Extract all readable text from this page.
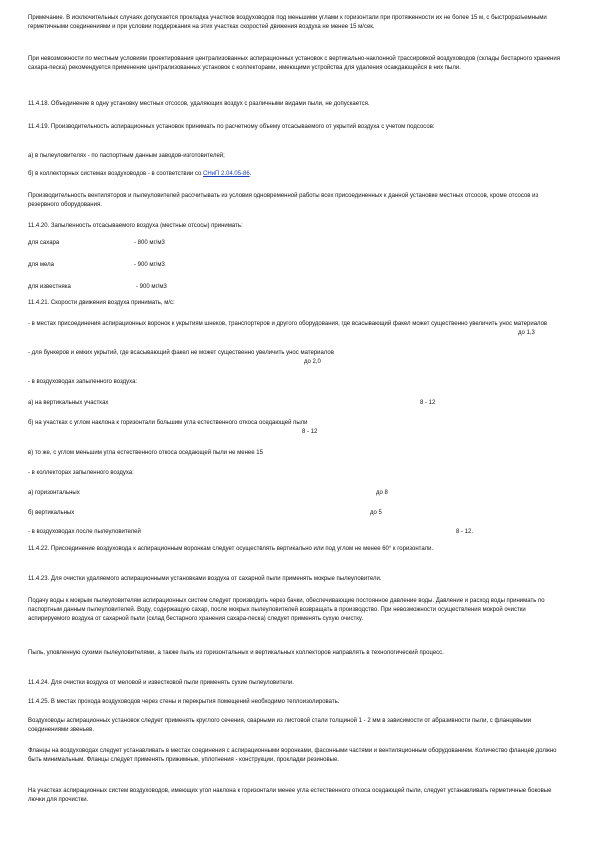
Примечание. В исключительных случаях допускается прокладка участков воздуховодов под меньшими углами к горизонтали при протяженности их не более 15 м, с быстроразъемными герметичными соединениями и при условии поддержания на этих участках скоростей движения воздуха не менее 15 м/сек.

При невозможности по местным условиям проектирования централизованных аспирационных установок с вертикально-наклонной трассировкой воздуховодов (склады бестарного хранения сахара-песка) рекомендуется применение централизованных установок с коллекторами, имеющими устройства для удаления осаждающейся в них пыли.

11.4.18. Объединение в одну установку местных отсосов, удаляющих воздух с различными видами пыли, не допускается.

11.4.19. Производительность аспирационных установок принимать по расчетному объему отсасываемого от укрытий воздуха с учетом подсосов:

а) в пылеуловителях - по паспортным данным заводов-изготовителей;

б) в коллекторных системах воздуховодов - в соответствии со СНиП 2.04.05-86.

Производительность вентиляторов и пылеуловителей рассчитывать из условия одновременной работы всех присоединенных к данной установке местных отсосов, кроме отсосов из резервного оборудования.

11.4.20. Запыленность отсасываемого воздуха (местные отсосы) принимать:

для сахара	- 800 мг/м3
для мела	- 900 мг/м3
для известняка	- 900 мг/м3

11.4.21. Скорости движения воздуха принимать, м/с:

- в местах присоединения аспирационных воронок к укрытиям шнеков, транспортеров и другого оборудования, где всасывающий факел может существенно увеличить унос материалов

до 1,3

- для бункеров и емких укрытий, где всасывающий факел не может существенно увеличить унос материалов

до 2,0

- в воздуховодах запыленного воздуха:

а) на вертикальных участках	8 - 12

б) на участках с углом наклона к горизонтали большим угла естественного откоса оседающей пыли

8 - 12

в) то же, с углом меньшим угла естественного откоса оседающей пыли не менее 15

- в коллекторах запыленного воздуха:

а) горизонтальных	до 8
б) вертикальных	до 5
- в воздуховодах после пылеуловителей	8 - 12.

11.4.22. Присоединение воздуховода к аспирационным воронкам следует осуществлять вертикально или под углом не менее 60° к горизонтали.

11.4.23. Для очистки удаляемого аспирационными установками воздуха от сахарной пыли применять мокрые пылеуловители.

Подачу воды к мокрым пылеуловителям аспирационных систем следует производить через бачки, обеспечивающие постоянное давление воды. Давление и расход воды принимать по паспортным данным пылеуловителей. Воду, содержащую сахар, после мокрых пылеуловителей возвращать в производство. При невозможности осуществления мокрой очистки аспирируемого воздуха от сахарной пыли (склад бестарного хранения сахара-песка) следует применять сухую очистку.

Пыль, уловленную сухими пылеуловителями, а также пыль из горизонтальных и вертикальных коллекторов направлять в технологический процесс.

11.4.24. Для очистки воздуха от меловой и известковой пыли применять сухие пылеуловители.

11.4.25. В местах прохода воздуховодов через стены и перекрытия помещений необходимо теплоизолировать.

Воздуховоды аспирационных установок следует применять круглого сечения, сварными из листовой стали толщиной 1 - 2 мм в зависимости от абразивности пыли, с фланцевыми соединениями звеньев.

Фланцы на воздуховодах следует устанавливать в местах соединения с аспирационными воронками, фасонными частями и вентиляционным оборудованием. Количество фланцев должно быть минимальным. Фланцы следует применять прижимные, уплотнения - конструкции, прокладки резиновые.

На участках аспирационных систем воздуховодов, имеющих угол наклона к горизонтали менее угла естественного откоса оседающей пыли, следует устанавливать герметичные боковые лючки для прочистки.
